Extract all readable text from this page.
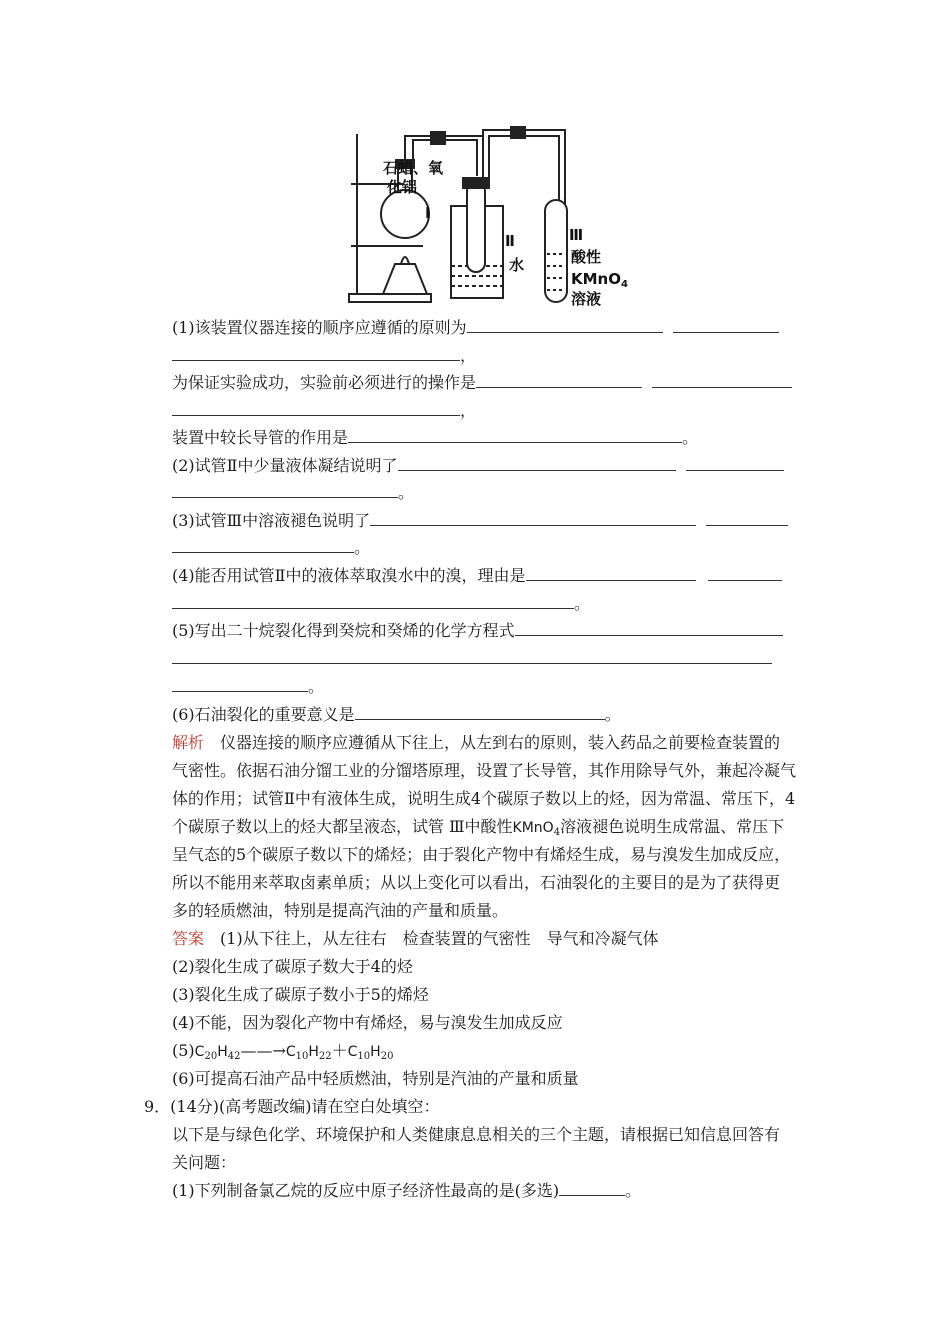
石蜡、氧
化铝
I
Ⅱ
水
Ⅲ
酸性
KMnO$_4$
溶液
(1)该装置仪器连接的顺序应遵循的原则为
，
为保证实验成功，实验前必须进行的操作是
，
装置中较长导管的作用是	。
(2)试管Ⅱ中少量液体凝结说明了
。
(3)试管Ⅲ中溶液褪色说明了
。
(4)能否用试管Ⅱ中的液体萃取溴水中的溴，理由是
。
(5)写出二十烷裂化得到癸烷和癸烯的化学方程式
。
(6)石油裂化的重要意义是	。
解析 仪器连接的顺序应遵循从下往上，从左到右的原则，装入药品之前要检查装置的
气密性。依据石油分馏工业的分馏塔原理，设置了长导管，其作用除导气外，兼起冷凝气
体的作用；试管Ⅱ中有液体生成，说明生成4个碳原子数以上的烃，因为常温、常压下，4
个碳原子数以上的烃大都呈液态，试管 Ⅲ中酸性KMnO$_4$溶液褪色说明生成常温、常压下
呈气态的5个碳原子数以下的烯烃；由于裂化产物中有烯烃生成，易与溴发生加成反应，
所以不能用来萃取卤素单质；从以上变化可以看出，石油裂化的主要目的是为了获得更
多的轻质燃油，特别是提高汽油的产量和质量。
答案 (1)从下往上，从左往右　检查装置的气密性　导气和冷凝气体
(2)裂化生成了碳原子数大于4的烃
(3)裂化生成了碳原子数小于5的烯烃
(4)不能，因为裂化产物中有烯烃，易与溴发生加成反应
$(5)C_{20}H_{42}——\to C_{10}H_{22}+C_{10}H_{20}$
(6)可提高石油产品中轻质燃油，特别是汽油的产量和质量
9．(14分)(高考题改编)请在空白处填空：
以下是与绿色化学、环境保护和人类健康息息相关的三个主题，请根据已知信息回答有
关问题：
(1)下列制备氯乙烷的反应中原子经济性最高的是(多选)	。
